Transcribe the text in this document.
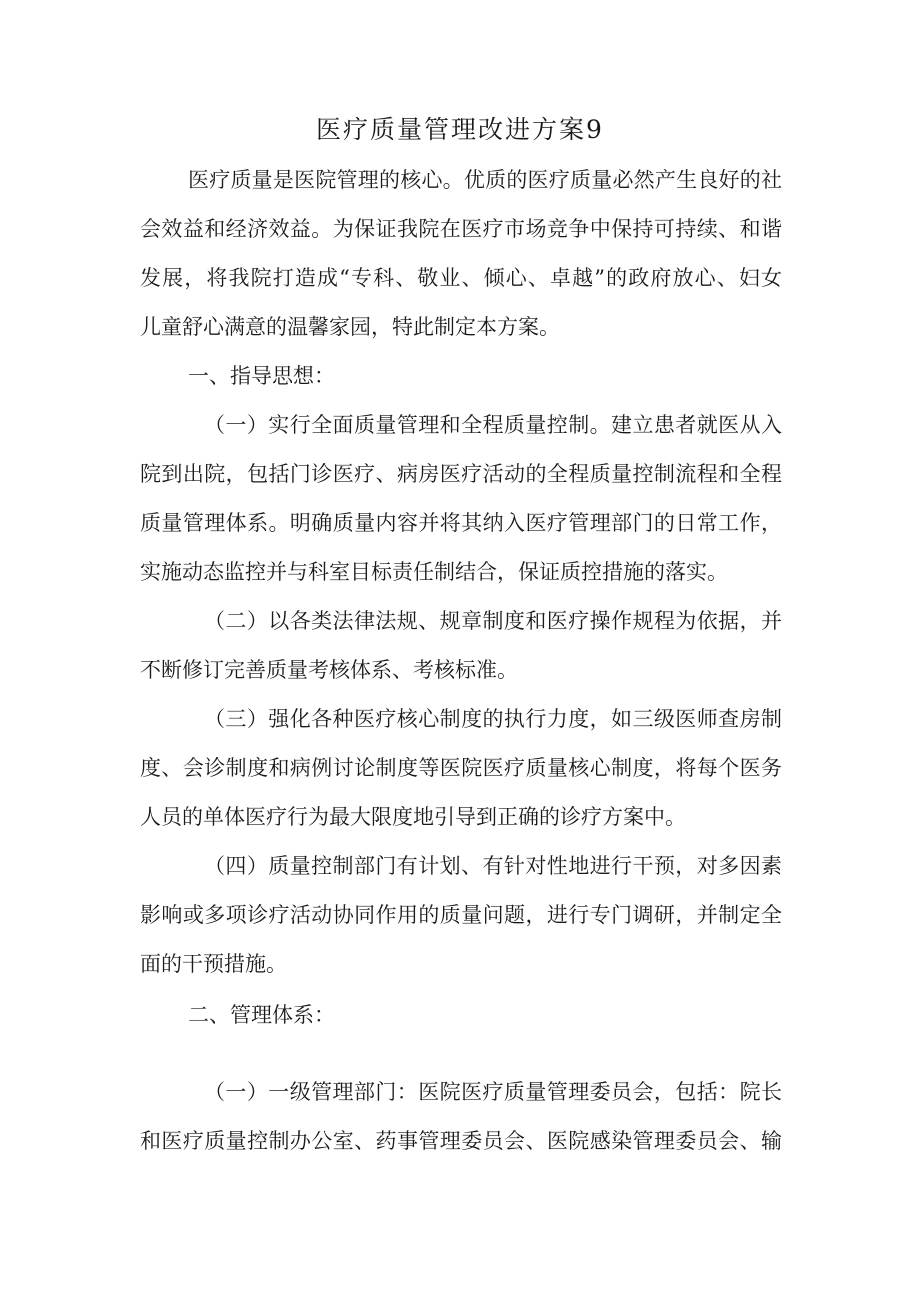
医疗质量管理改进方案9
医疗质量是医院管理的核心。优质的医疗质量必然产生良好的社
会效益和经济效益。为保证我院在医疗市场竞争中保持可持续、和谐
发展，将我院打造成“专科、敬业、倾心、卓越”的政府放心、妇女
儿童舒心满意的温馨家园，特此制定本方案。
一、指导思想：
（一）实行全面质量管理和全程质量控制。建立患者就医从入
院到出院，包括门诊医疗、病房医疗活动的全程质量控制流程和全程
质量管理体系。明确质量内容并将其纳入医疗管理部门的日常工作，
实施动态监控并与科室目标责任制结合，保证质控措施的落实。
（二）以各类法律法规、规章制度和医疗操作规程为依据，并
不断修订完善质量考核体系、考核标准。
（三）强化各种医疗核心制度的执行力度，如三级医师查房制
度、会诊制度和病例讨论制度等医院医疗质量核心制度，将每个医务
人员的单体医疗行为最大限度地引导到正确的诊疗方案中。
（四）质量控制部门有计划、有针对性地进行干预，对多因素
影响或多项诊疗活动协同作用的质量问题，进行专门调研，并制定全
面的干预措施。
二、管理体系：
（一）一级管理部门：医院医疗质量管理委员会，包括：院长
和医疗质量控制办公室、药事管理委员会、医院感染管理委员会、输
